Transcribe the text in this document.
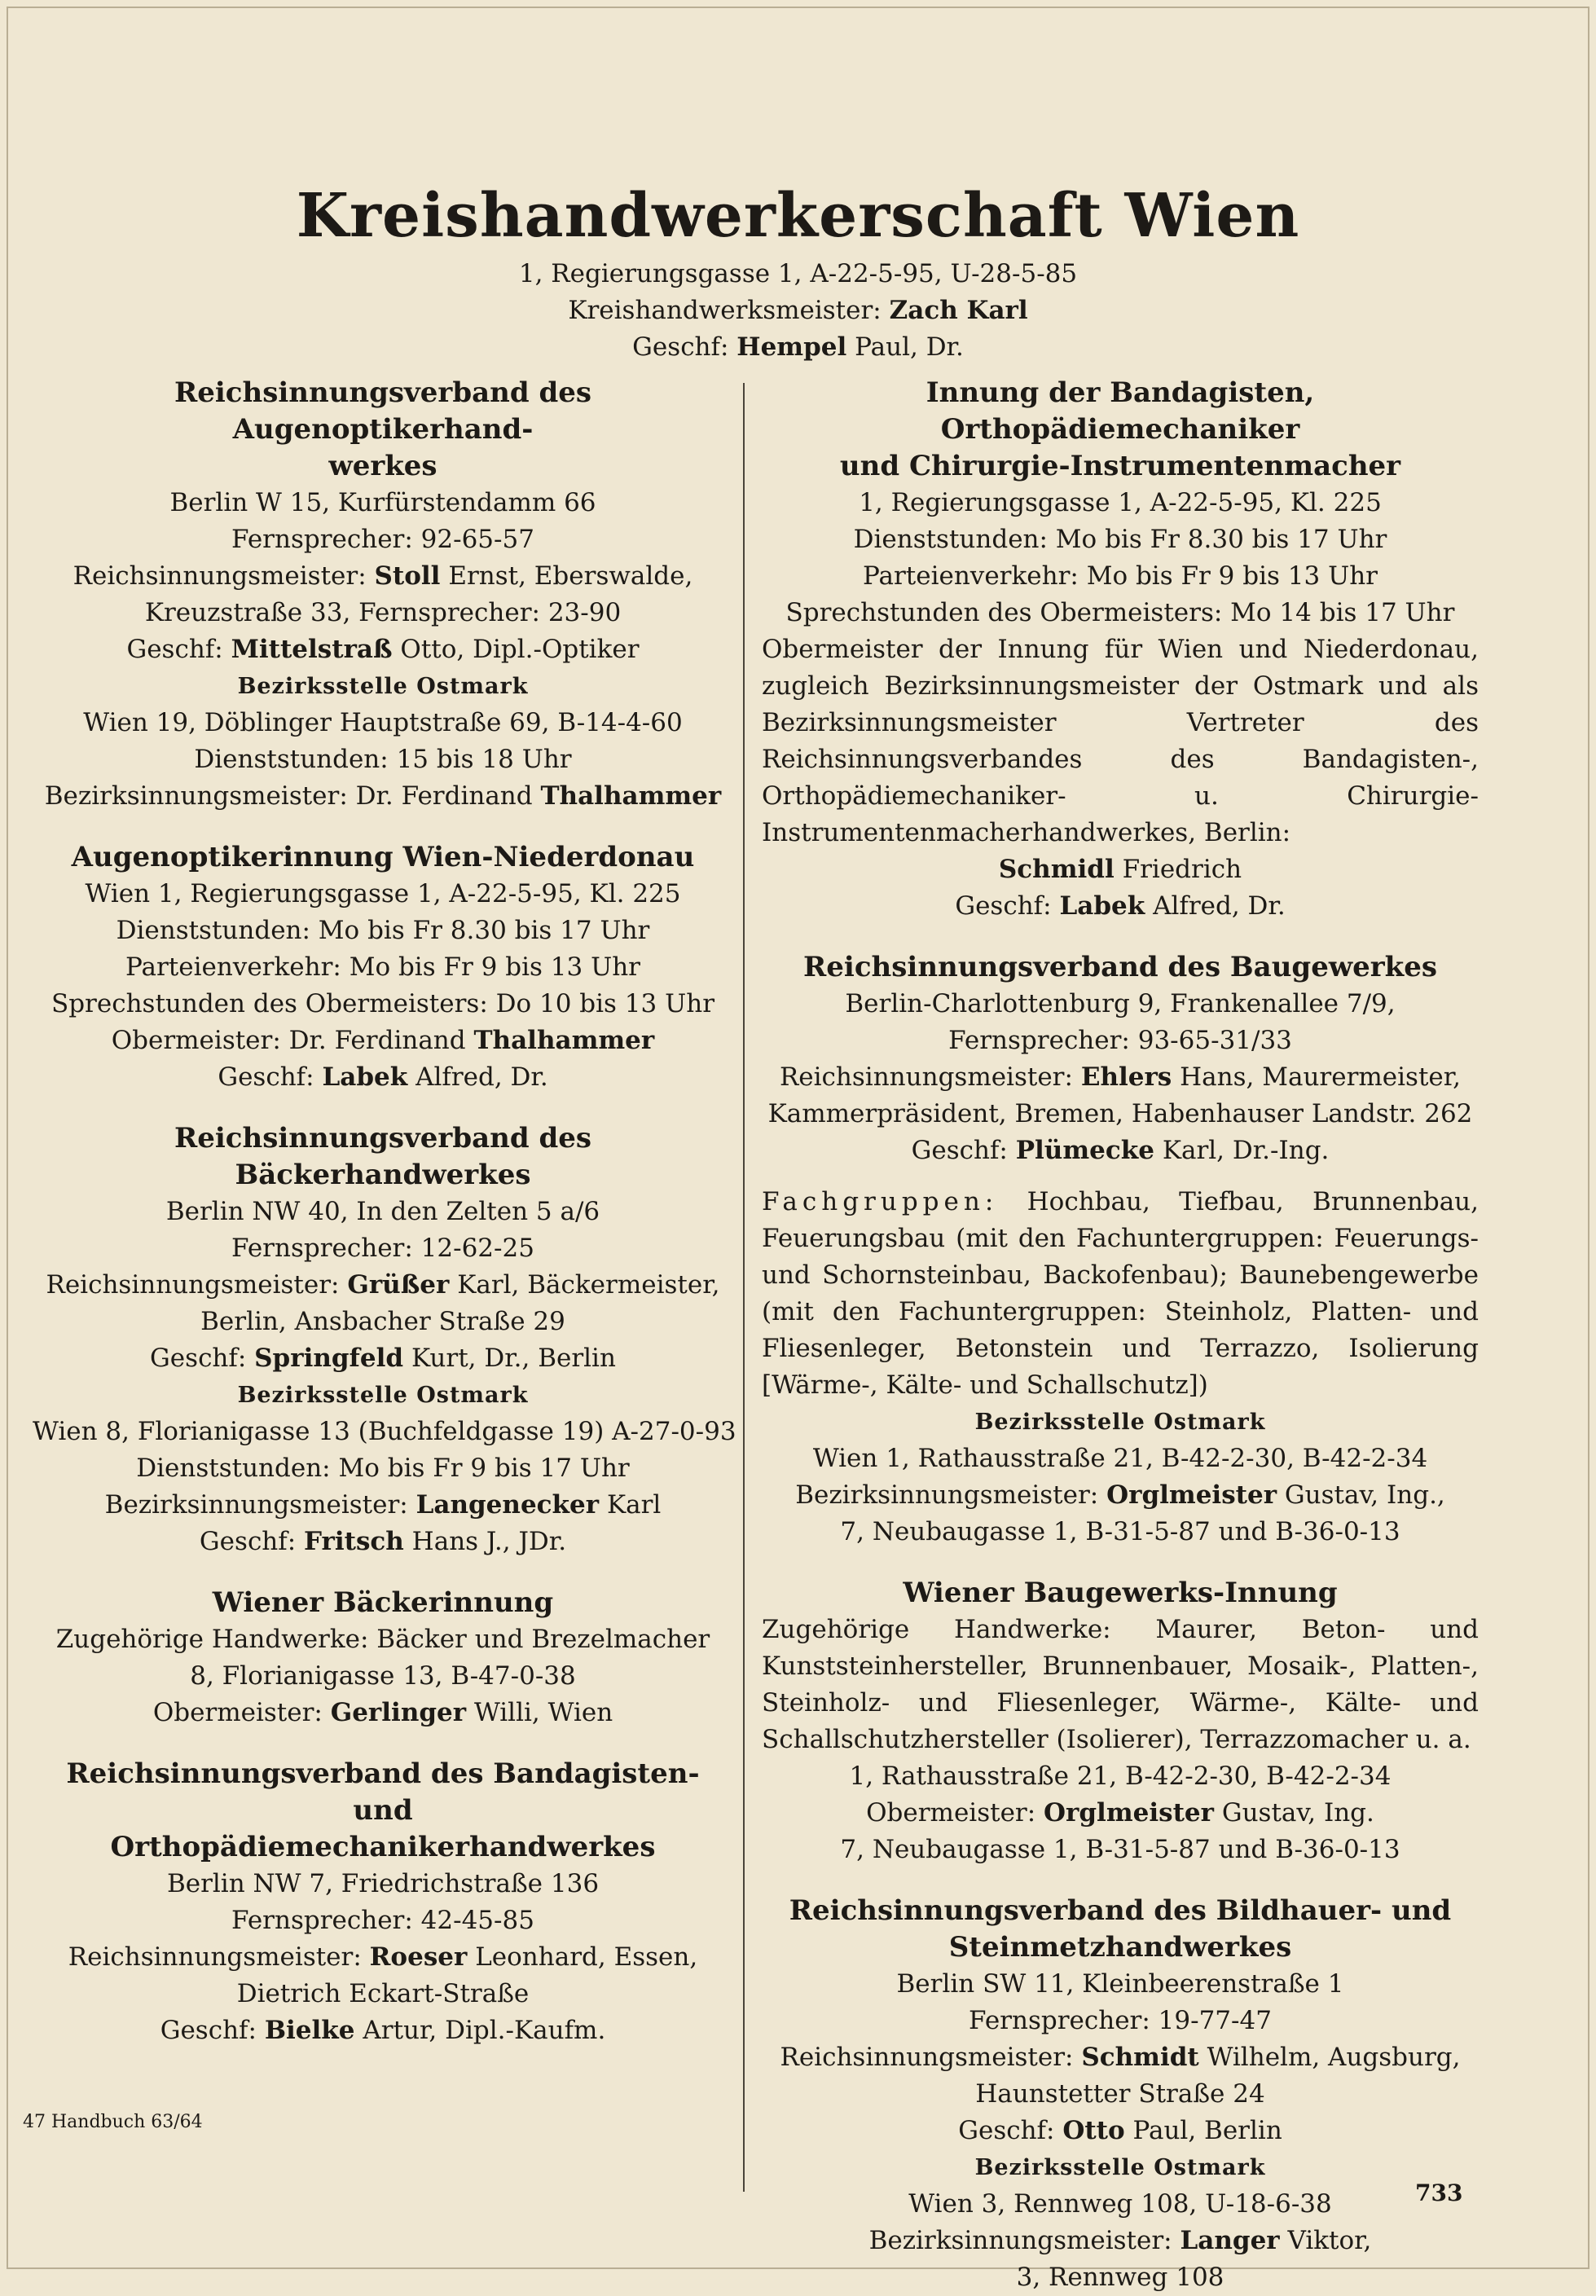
Kreishandwerkerschaft Wien
1, Regierungsgasse 1, A-22-5-95, U-28-5-85
Kreishandwerksmeister: Zach Karl
Geschf: Hempel Paul, Dr.
Reichsinnungsverband des Augenoptikerhand-
werkes
Berlin W 15, Kurfürstendamm 66
Fernsprecher: 92-65-57
Reichsinnungsmeister: Stoll Ernst, Eberswalde,
Kreuzstraße 33, Fernsprecher: 23-90
Geschf: Mittelstraß Otto, Dipl.-Optiker
Bezirksstelle Ostmark
Wien 19, Döblinger Hauptstraße 69, B-14-4-60
Dienststunden: 15 bis 18 Uhr
Bezirksinnungsmeister: Dr. Ferdinand Thalhammer
Augenoptikerinnung Wien-Niederdonau
Wien 1, Regierungsgasse 1, A-22-5-95, Kl. 225
Dienststunden: Mo bis Fr 8.30 bis 17 Uhr
Parteienverkehr: Mo bis Fr 9 bis 13 Uhr
Sprechstunden des Obermeisters: Do 10 bis 13 Uhr
Obermeister: Dr. Ferdinand Thalhammer
Geschf: Labek Alfred, Dr.
Reichsinnungsverband des Bäckerhandwerkes
Berlin NW 40, In den Zelten 5 a/6
Fernsprecher: 12-62-25
Reichsinnungsmeister: Grüßer Karl, Bäckermeister,
Berlin, Ansbacher Straße 29
Geschf: Springfeld Kurt, Dr., Berlin
Bezirksstelle Ostmark
Wien 8, Florianigasse 13 (Buchfeldgasse 19) A-27-0-93
Dienststunden: Mo bis Fr 9 bis 17 Uhr
Bezirksinnungsmeister: Langenecker Karl
Geschf: Fritsch Hans J., JDr.
Wiener Bäckerinnung
Zugehörige Handwerke: Bäcker und Brezelmacher
8, Florianigasse 13, B-47-0-38
Obermeister: Gerlinger Willi, Wien
Reichsinnungsverband des Bandagisten- und
Orthopädiemechanikerhandwerkes
Berlin NW 7, Friedrichstraße 136
Fernsprecher: 42-45-85
Reichsinnungsmeister: Roeser Leonhard, Essen,
Dietrich Eckart-Straße
Geschf: Bielke Artur, Dipl.-Kaufm.
Innung der Bandagisten, Orthopädiemechaniker
und Chirurgie-Instrumentenmacher
1, Regierungsgasse 1, A-22-5-95, Kl. 225
Dienststunden: Mo bis Fr 8.30 bis 17 Uhr
Parteienverkehr: Mo bis Fr 9 bis 13 Uhr
Sprechstunden des Obermeisters: Mo 14 bis 17 Uhr
Obermeister der Innung für Wien und Niederdonau, zugleich Bezirksinnungsmeister der Ostmark und als Bezirksinnungsmeister Vertreter des Reichsinnungsverbandes des Bandagisten-, Orthopädiemechaniker- u. Chirurgie-Instrumentenmacherhandwerkes, Berlin:
Schmidl Friedrich
Geschf: Labek Alfred, Dr.
Reichsinnungsverband des Baugewerkes
Berlin-Charlottenburg 9, Frankenallee 7/9,
Fernsprecher: 93-65-31/33
Reichsinnungsmeister: Ehlers Hans, Maurermeister,
Kammerpräsident, Bremen, Habenhauser Landstr. 262
Geschf: Plümecke Karl, Dr.-Ing.
Fachgruppen: Hochbau, Tiefbau, Brunnenbau, Feuerungsbau (mit den Fachuntergruppen: Feuerungs- und Schornsteinbau, Backofenbau); Baunebengewerbe (mit den Fachuntergruppen: Steinholz, Platten- und Fliesenleger, Betonstein und Terrazzo, Isolierung [Wärme-, Kälte- und Schallschutz])
Bezirksstelle Ostmark
Wien 1, Rathausstraße 21, B-42-2-30, B-42-2-34
Bezirksinnungsmeister: Orglmeister Gustav, Ing.,
7, Neubaugasse 1, B-31-5-87 und B-36-0-13
Wiener Baugewerks-Innung
Zugehörige Handwerke: Maurer, Beton- und Kunststeinhersteller, Brunnenbauer, Mosaik-, Platten-, Steinholz- und Fliesenleger, Wärme-, Kälte- und Schallschutzhersteller (Isolierer), Terrazzomacher u. a.
1, Rathausstraße 21, B-42-2-30, B-42-2-34
Obermeister: Orglmeister Gustav, Ing.
7, Neubaugasse 1, B-31-5-87 und B-36-0-13
Reichsinnungsverband des Bildhauer- und
Steinmetzhandwerkes
Berlin SW 11, Kleinbeerenstraße 1
Fernsprecher: 19-77-47
Reichsinnungsmeister: Schmidt Wilhelm, Augsburg,
Haunstetter Straße 24
Geschf: Otto Paul, Berlin
Bezirksstelle Ostmark
Wien 3, Rennweg 108, U-18-6-38
Bezirksinnungsmeister: Langer Viktor,
3, Rennweg 108
47 Handbuch 63/64
733
